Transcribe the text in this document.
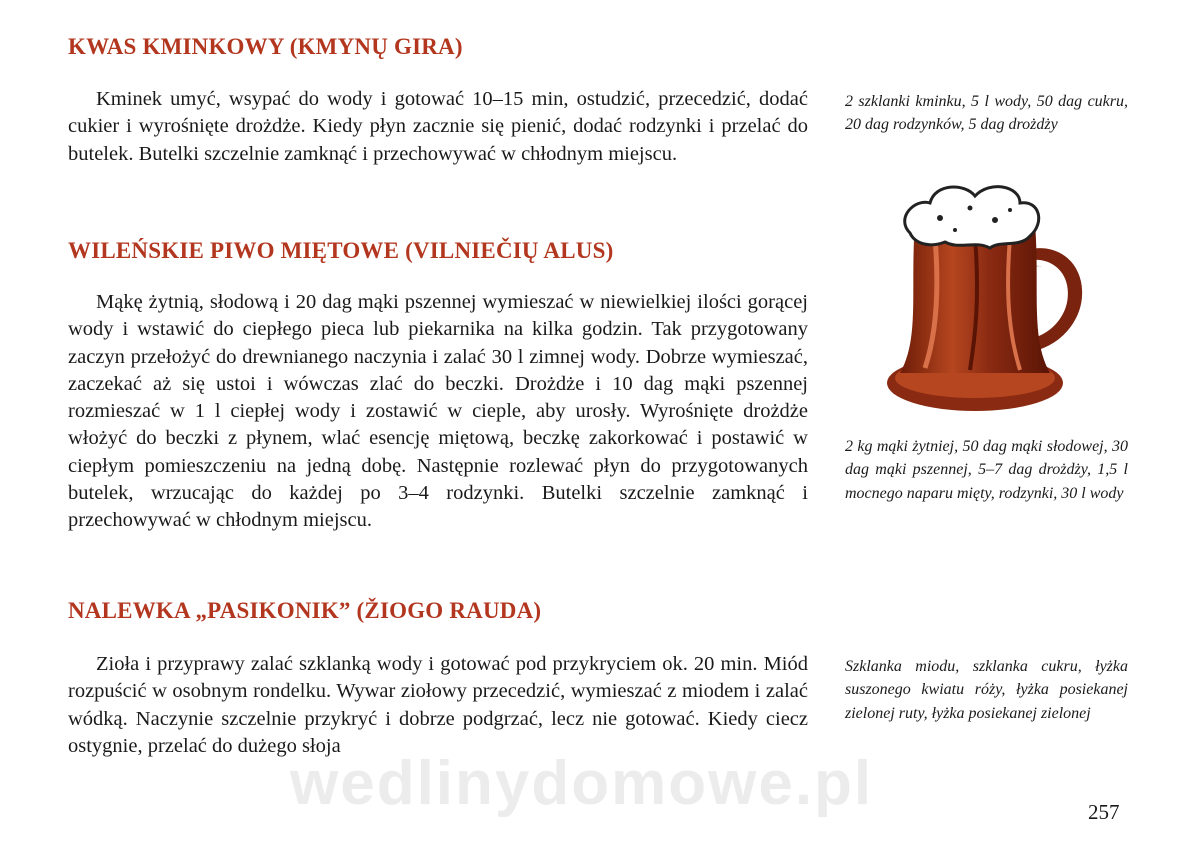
KWAS KMINKOWY (KMYNŲ GIRA)

Kminek umyć, wsypać do wody i gotować 10–15 min, ostudzić, przecedzić, dodać cukier i wyrośnięte drożdże. Kiedy płyn zacznie się pienić, dodać rodzynki i przelać do butelek. Butelki szczelnie zamknąć i przechowywać w chłodnym miejscu.

2 szklanki kminku, 5 l wody, 50 dag cukru, 20 dag rodzynków, 5 dag drożdży

WILEŃSKIE PIWO MIĘTOWE (VILNIEČIŲ ALUS)

Mąkę żytnią, słodową i 20 dag mąki pszennej wymieszać w niewielkiej ilości gorącej wody i wstawić do ciepłego pieca lub piekarnika na kilka godzin. Tak przygotowany zaczyn przełożyć do drewnianego naczynia i zalać 30 l zimnej wody. Dobrze wymieszać, zaczekać aż się ustoi i wówczas zlać do beczki. Drożdże i 10 dag mąki pszennej rozmieszać w 1 l ciepłej wody i zostawić w cieple, aby urosły. Wyrośnięte drożdże włożyć do beczki z płynem, wlać esencję miętową, beczkę zakorkować i postawić w ciepłym pomieszczeniu na jedną dobę. Następnie rozlewać płyn do przygotowanych butelek, wrzucając do każdej po 3–4 rodzynki. Butelki szczelnie zamknąć i przechowywać w chłodnym miejscu.

2 kg mąki żytniej, 50 dag mąki słodowej, 30 dag mąki pszennej, 5–7 dag drożdży, 1,5 l mocnego naparu mięty, rodzynki, 30 l wody

NALEWKA „PASIKONIK” (ŽIOGO RAUDA)

Zioła i przyprawy zalać szklanką wody i gotować pod przykryciem ok. 20 min. Miód rozpuścić w osobnym rondelku. Wywar ziołowy przecedzić, wymieszać z miodem i zalać wódką. Naczynie szczelnie przykryć i dobrze podgrzać, lecz nie gotować. Kiedy ciecz ostygnie, przelać do dużego słoja

Szklanka miodu, szklanka cukru, łyżka suszonego kwiatu róży, łyżka posiekanej zielonej ruty, łyżka posiekanej zielonej

wedlinydomowe.pl	257
